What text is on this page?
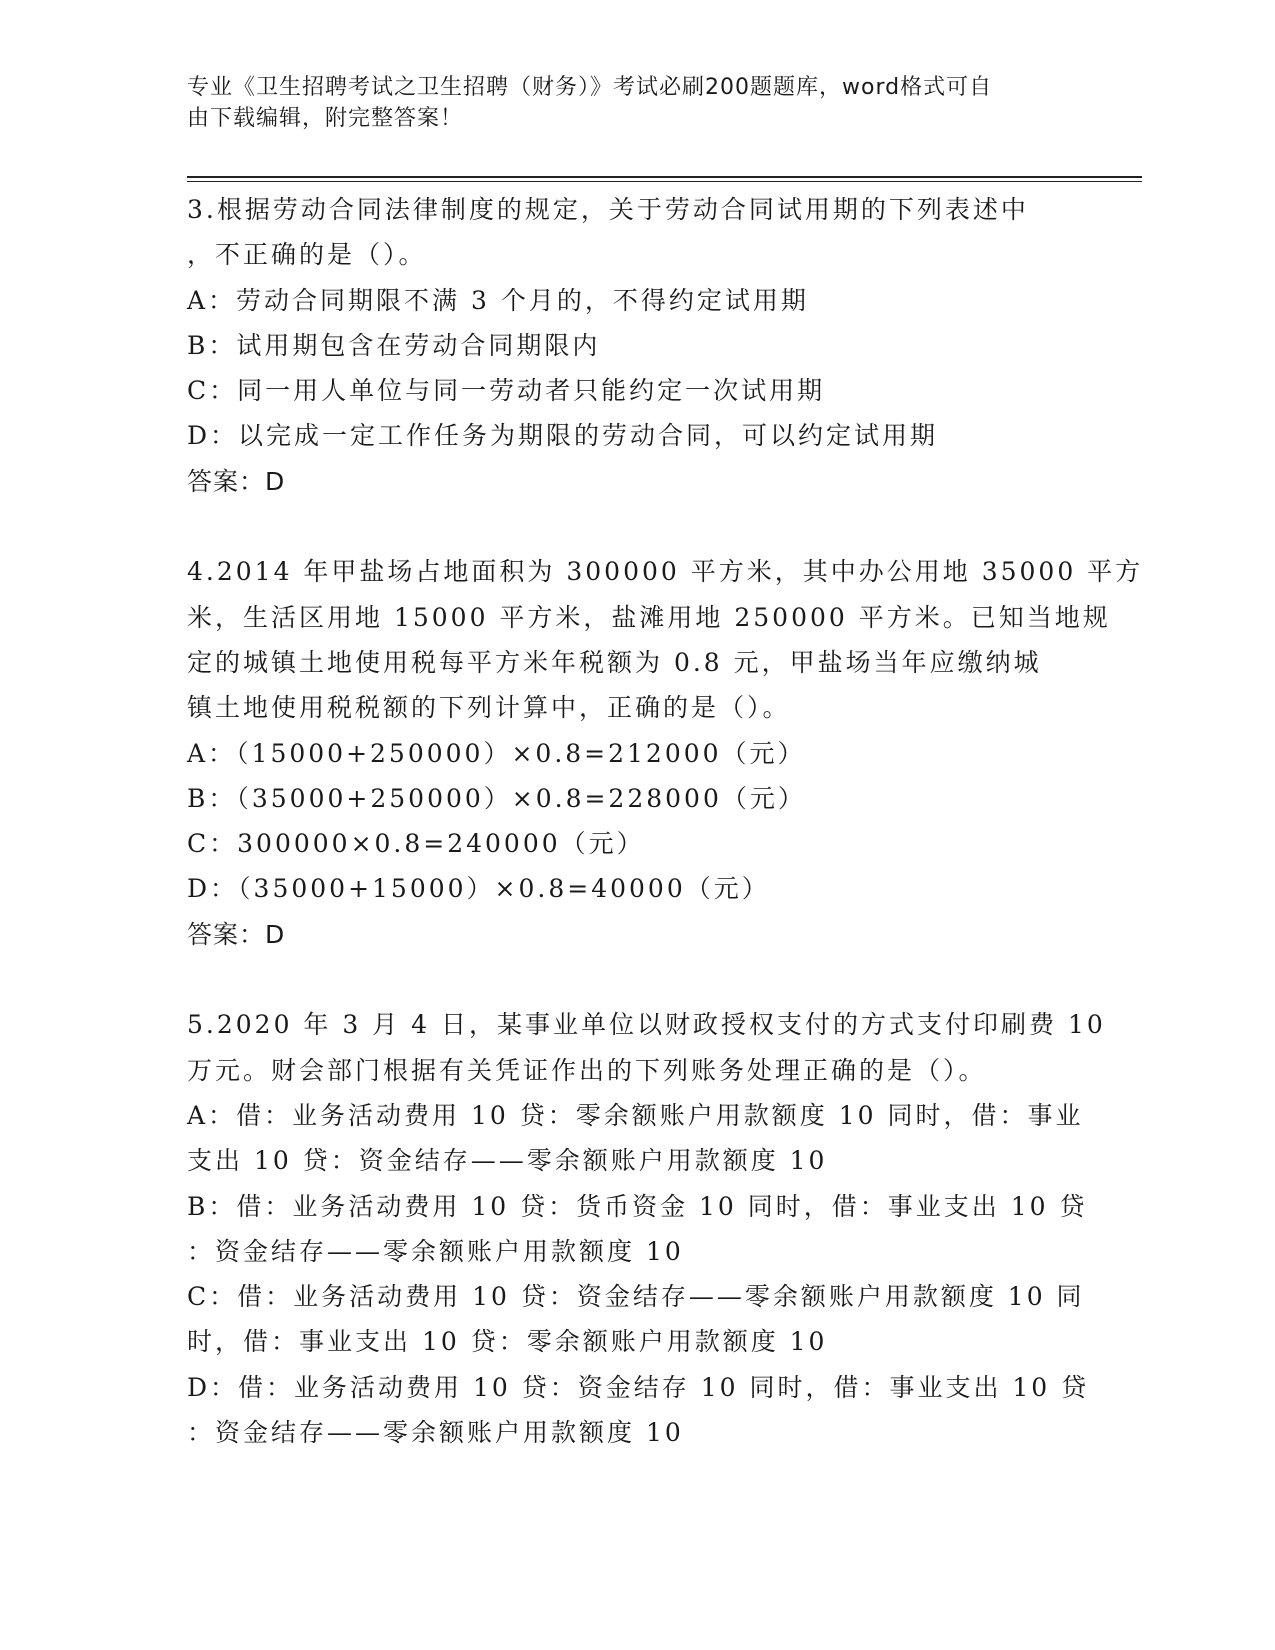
专业《卫生招聘考试之卫生招聘（财务）》考试必刷200题题库，word格式可自
由下载编辑，附完整答案！
3.根据劳动合同法律制度的规定，关于劳动合同试用期的下列表述中
，不正确的是（）。
A：劳动合同期限不满 3 个月的，不得约定试用期
B：试用期包含在劳动合同期限内
C：同一用人单位与同一劳动者只能约定一次试用期
D：以完成一定工作任务为期限的劳动合同，可以约定试用期
答案：D
4.2014 年甲盐场占地面积为 300000 平方米，其中办公用地 35000 平方
米，生活区用地 15000 平方米，盐滩用地 250000 平方米。已知当地规
定的城镇土地使用税每平方米年税额为 0.8 元，甲盐场当年应缴纳城
镇土地使用税税额的下列计算中，正确的是（）。
A：（15000+250000）×0.8=212000（元）
B：（35000+250000）×0.8=228000（元）
C：300000×0.8=240000（元）
D：（35000+15000）×0.8=40000（元）
答案：D
5.2020 年 3 月 4 日，某事业单位以财政授权支付的方式支付印刷费 10
万元。财会部门根据有关凭证作出的下列账务处理正确的是（）。
A：借：业务活动费用 10 贷：零余额账户用款额度 10 同时，借：事业
支出 10 贷：资金结存——零余额账户用款额度 10
B：借：业务活动费用 10 贷：货币资金 10 同时，借：事业支出 10 贷
：资金结存——零余额账户用款额度 10
C：借：业务活动费用 10 贷：资金结存——零余额账户用款额度 10 同
时，借：事业支出 10 贷：零余额账户用款额度 10
D：借：业务活动费用 10 贷：资金结存 10 同时，借：事业支出 10 贷
：资金结存——零余额账户用款额度 10
